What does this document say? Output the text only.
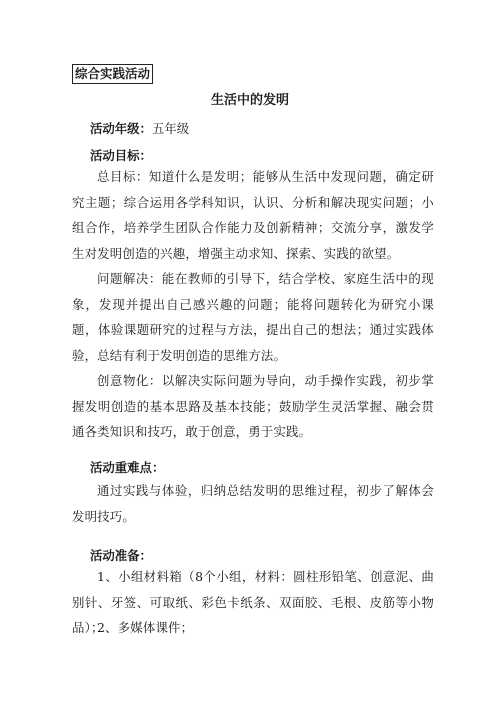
综合实践活动
生活中的发明
活动年级：五年级
活动目标：
总目标：知道什么是发明；能够从生活中发现问题，确定研究主题；综合运用各学科知识，认识、分析和解决现实问题；小组合作，培养学生团队合作能力及创新精神；交流分享，激发学生对发明创造的兴趣，增强主动求知、探索、实践的欲望。
问题解决：能在教师的引导下，结合学校、家庭生活中的现象，发现并提出自己感兴趣的问题；能将问题转化为研究小课题，体验课题研究的过程与方法，提出自己的想法；通过实践体验，总结有利于发明创造的思维方法。
创意物化：以解决实际问题为导向，动手操作实践，初步掌握发明创造的基本思路及基本技能；鼓励学生灵活掌握、融会贯通各类知识和技巧，敢于创意，勇于实践。
活动重难点：
通过实践与体验，归纳总结发明的思维过程，初步了解体会发明技巧。
活动准备：
1、小组材料箱（8个小组，材料：圆柱形铅笔、创意泥、曲别针、牙签、可取纸、彩色卡纸条、双面胶、毛根、皮筋等小物品）；
2、多媒体课件；
